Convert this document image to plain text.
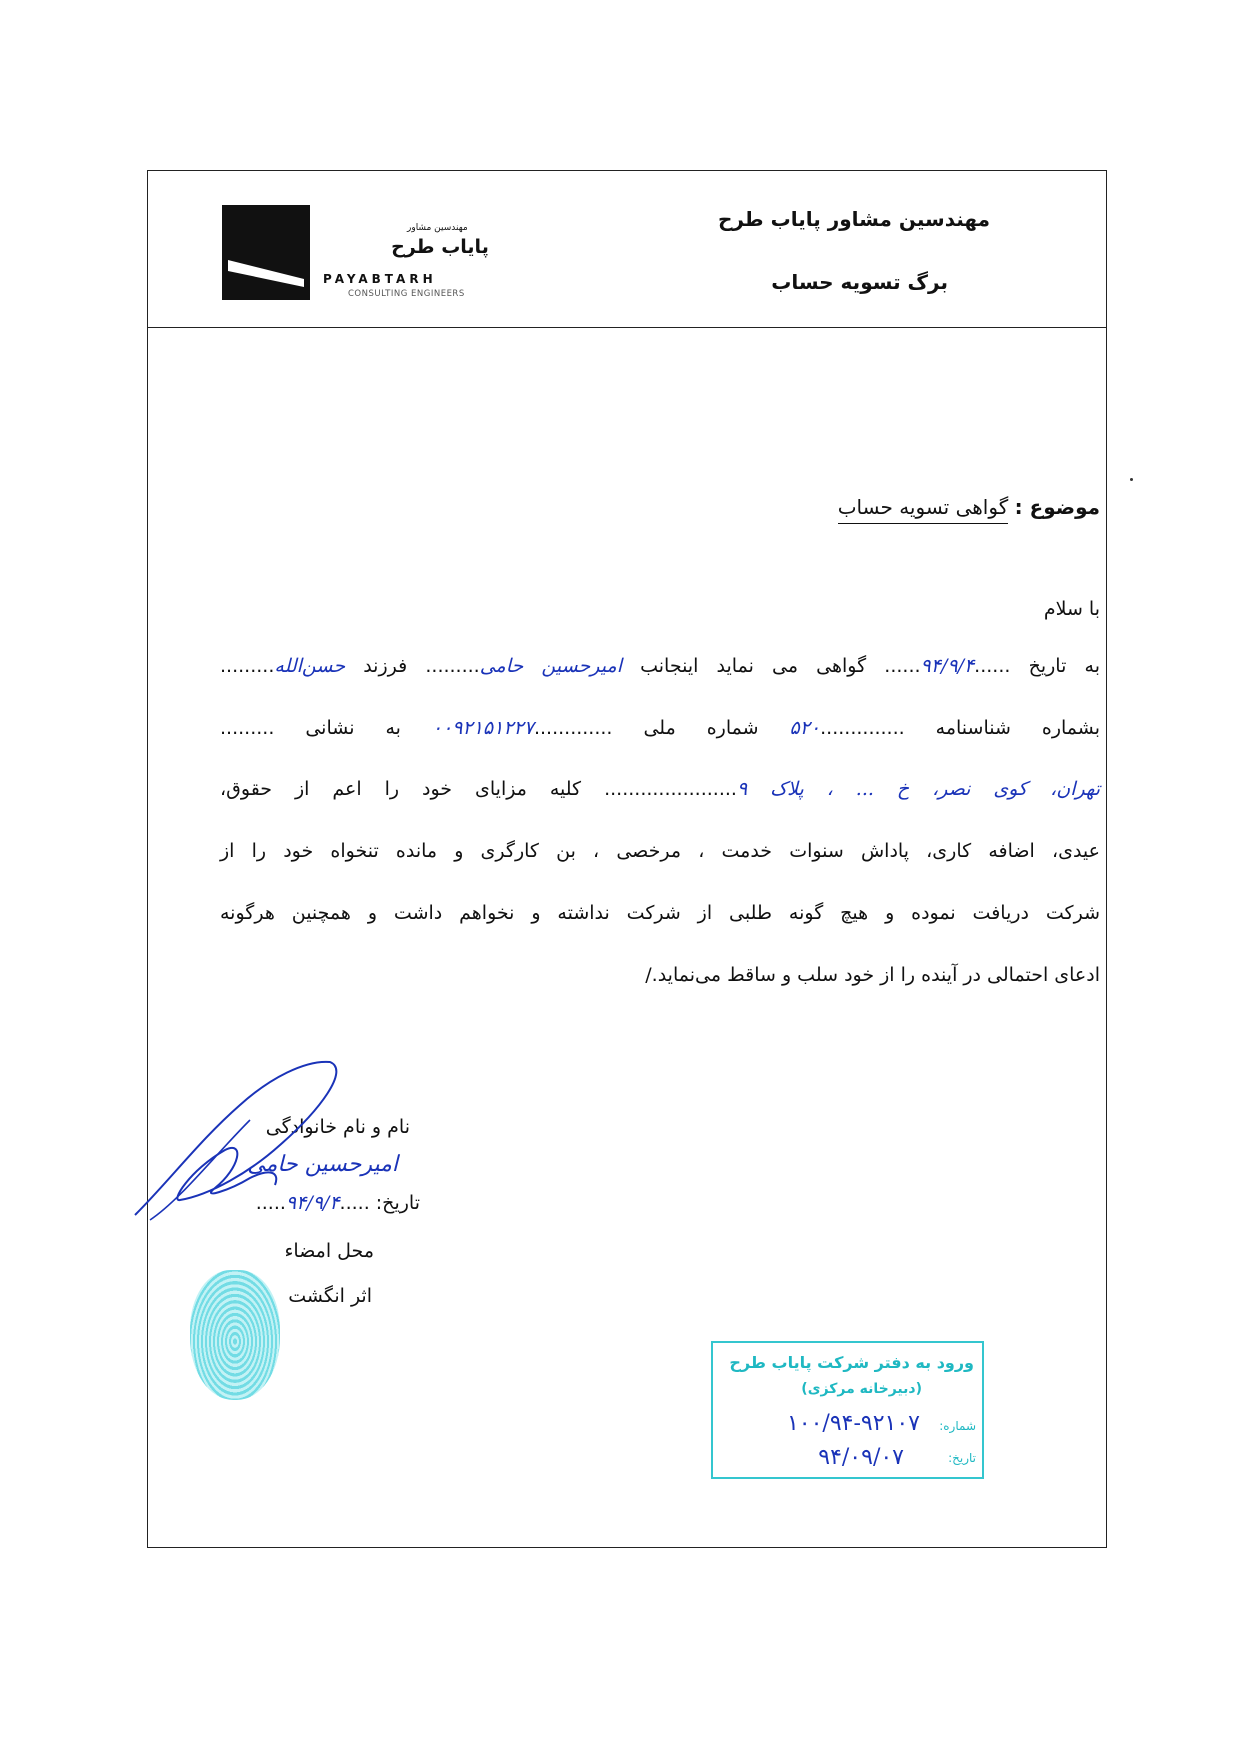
مهندسین مشاور پایاب طرح
برگ تسویه حساب
مهندسین مشاور
پایاب طرح
PAYABTARH
CONSULTING ENGINEERS
موضوع : گواهی تسویه حساب
با سلام
به تاریخ ......۹۴/۹/۴...... گواهی می نماید اینجانب امیرحسین حامی......... فرزند حسن‌الله.........
بشماره شناسنامه ..............۵۲۰ شماره ملی .............۰۰۹۲۱۵۱۲۲۷ به نشانی .........
تهران، کوی نصر، خ ... ، پلاک ۹...................... کلیه مزایای خود را اعم از حقوق،
عیدی، اضافه کاری، پاداش سنوات خدمت ، مرخصی ، بن کارگری و مانده تنخواه خود را از
شرکت دریافت نموده و هیچ گونه طلبی از شرکت نداشته و نخواهم داشت و همچنین هرگونه
ادعای احتمالی در آینده را از خود سلب و ساقط می‌نماید./
نام و نام خانوادگی
امیرحسین حامی
تاریخ: .....۹۴/۹/۴.....
محل امضاء
اثر انگشت
ورود به دفتر شرکت پایاب طرح
(دبیرخانه مرکزی)
شماره:
۱۰۰/۹۴-۹۲۱۰۷
تاریخ:
۹۴/۰۹/۰۷
